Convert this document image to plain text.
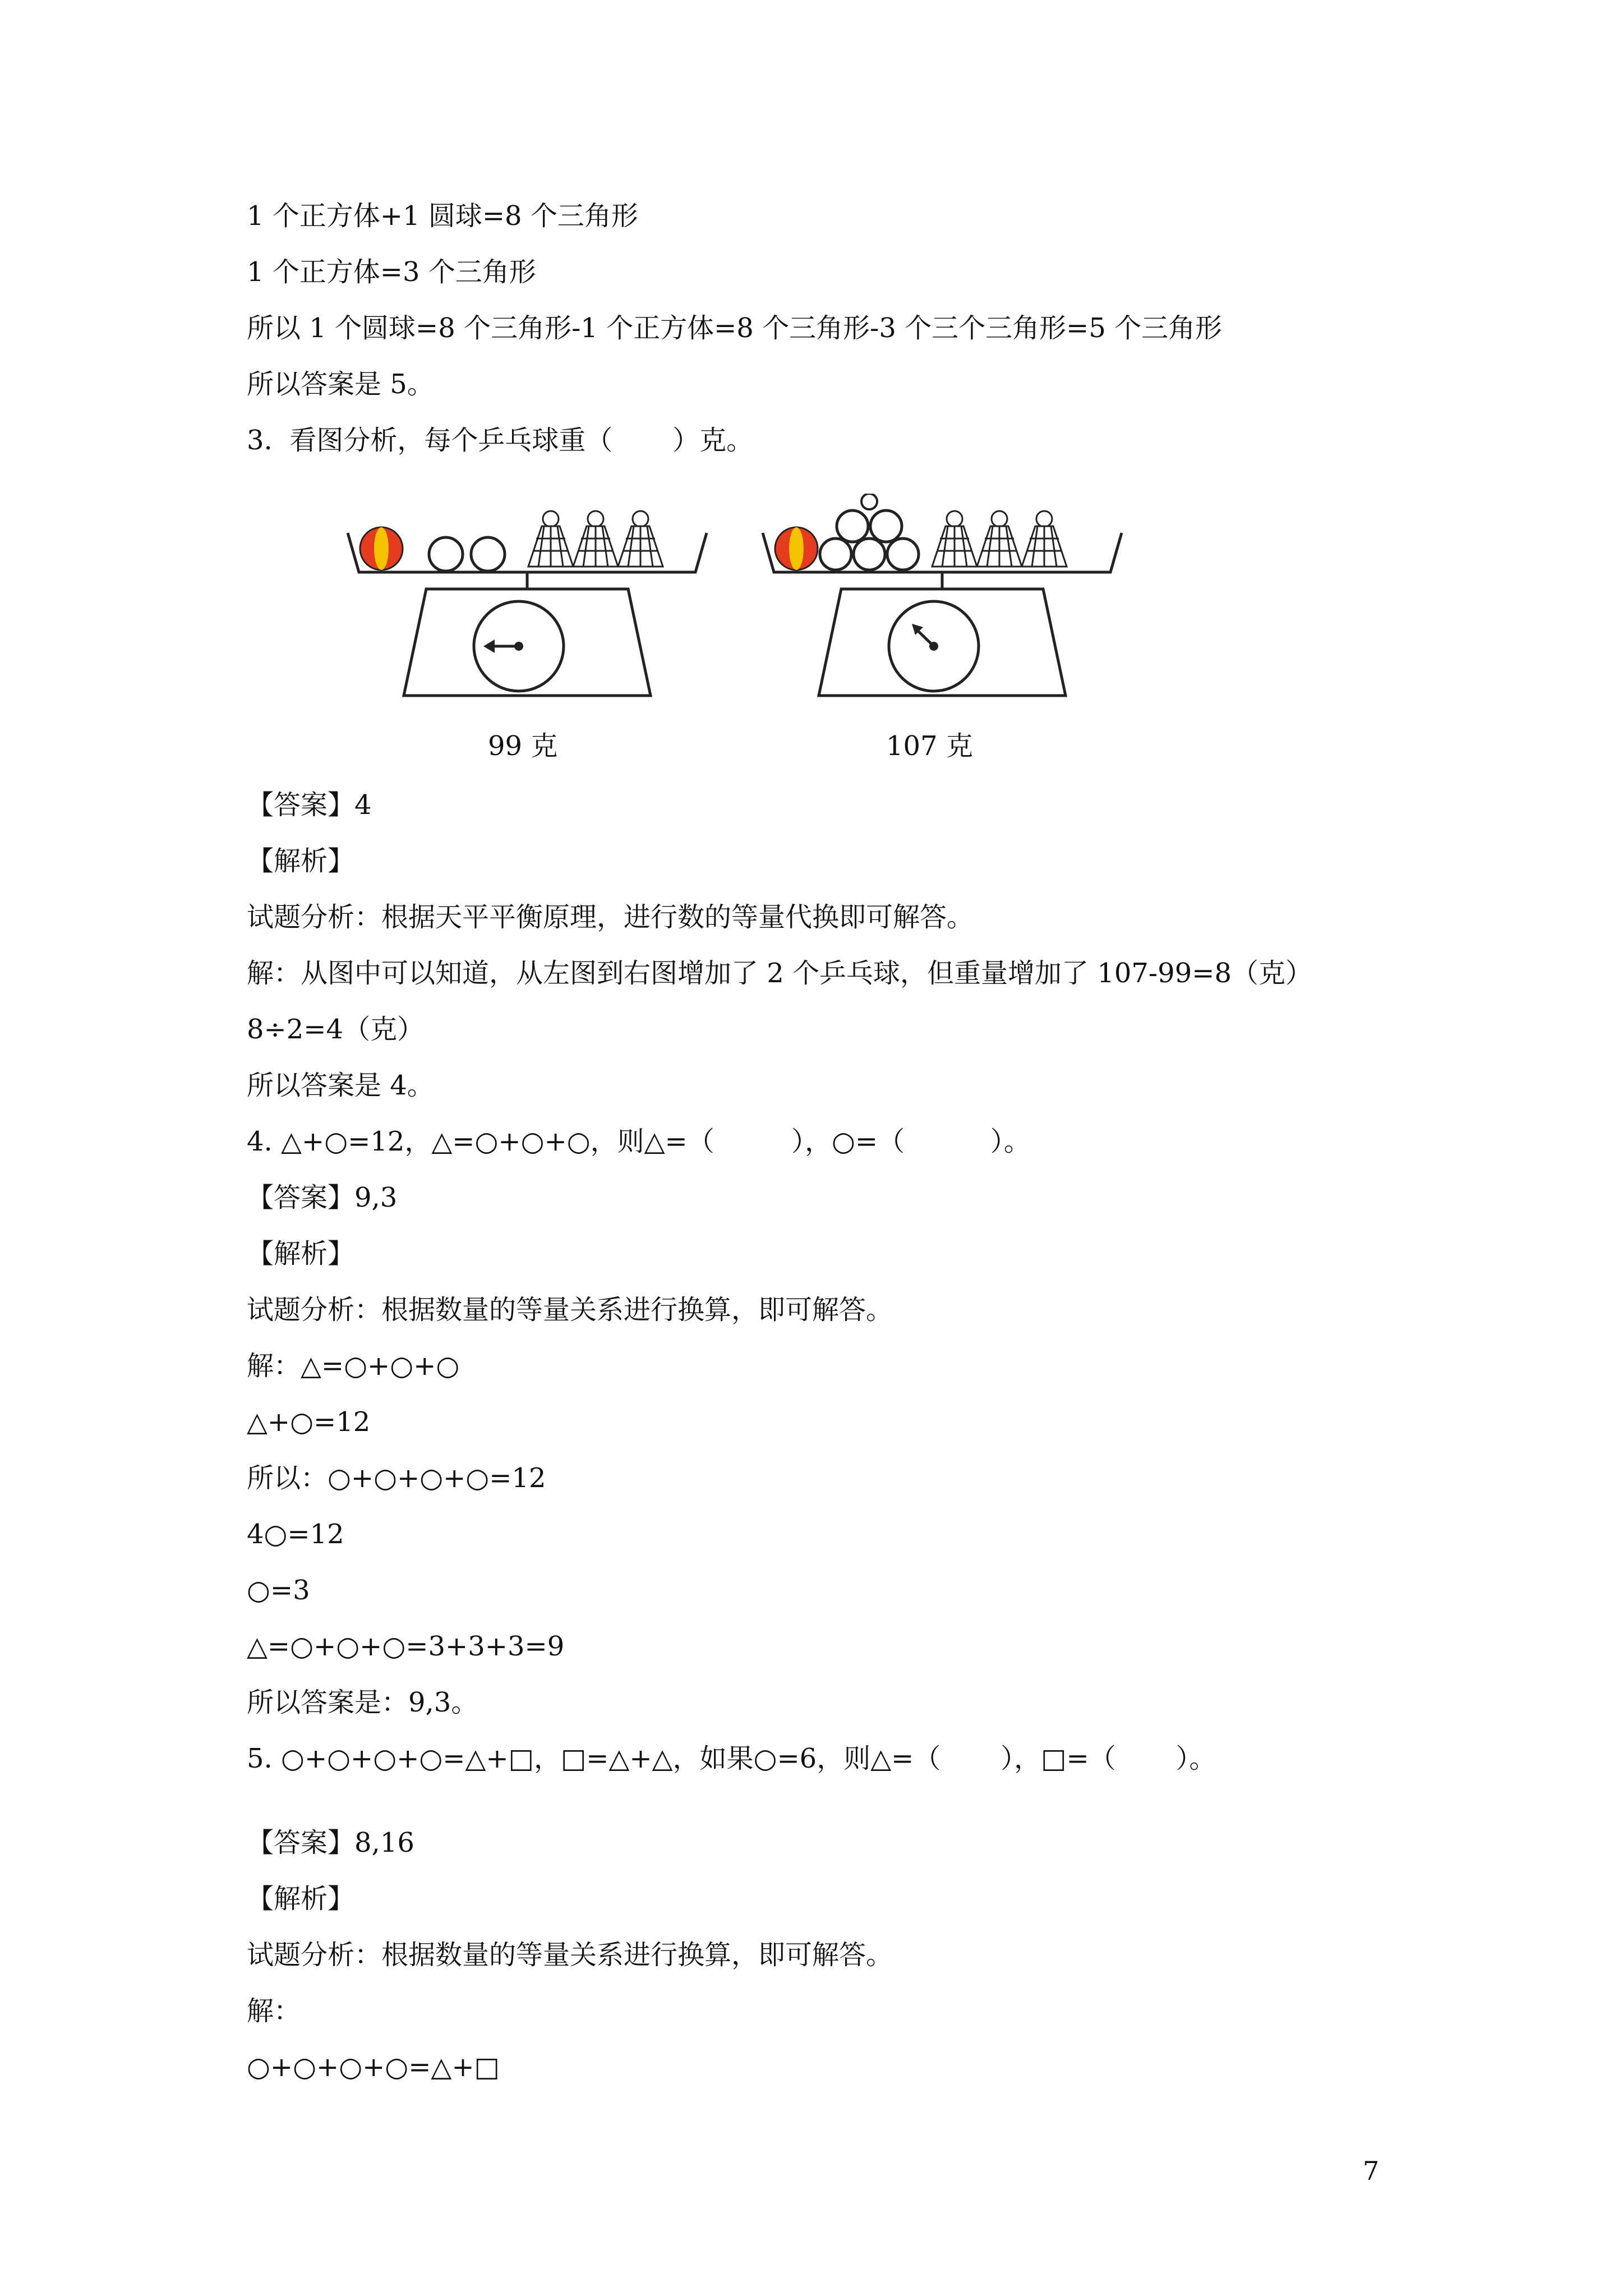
1 个正方体+1 圆球=8 个三角形
1 个正方体=3 个三角形
所以 1 个圆球=8 个三角形-1 个正方体=8 个三角形-3 个三个三角形=5 个三角形
所以答案是 5。
3.  看图分析，每个乒乓球重（       ）克。
99 克	107 克
【答案】4
【解析】
试题分析：根据天平平衡原理，进行数的等量代换即可解答。
解：从图中可以知道，从左图到右图增加了 2 个乒乓球，但重量增加了 107-99=8（克）
8÷2=4（克）
所以答案是 4。
4. △+○=12，△=○+○+○，则△=（         ），○=（          ）。
【答案】9,3
【解析】
试题分析：根据数量的等量关系进行换算，即可解答。
解：△=○+○+○
△+○=12
所以：○+○+○+○=12
4○=12
○=3
△=○+○+○=3+3+3=9
所以答案是：9,3。
5. ○+○+○+○=△+□，□=△+△，如果○=6，则△=（       ），□=（       ）。
【答案】8,16
【解析】
试题分析：根据数量的等量关系进行换算，即可解答。
解：
○+○+○+○=△+□
7
